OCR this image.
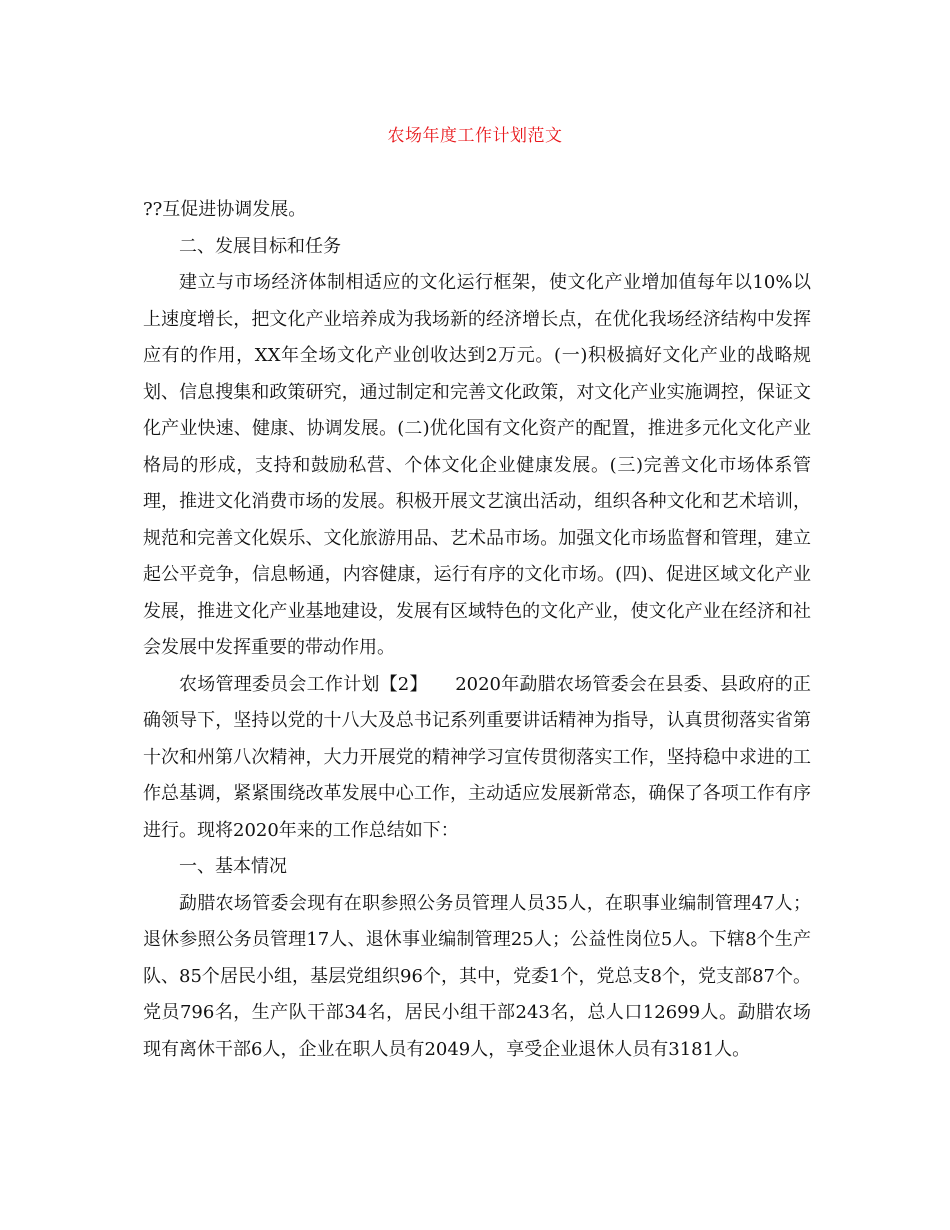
农场年度工作计划范文

??互促进协调发展。

二、发展目标和任务

建立与市场经济体制相适应的文化运行框架，使文化产业增加值每年以10%以上速度增长，把文化产业培养成为我场新的经济增长点，在优化我场经济结构中发挥应有的作用，XX年全场文化产业创收达到2万元。(一)积极搞好文化产业的战略规划、信息搜集和政策研究，通过制定和完善文化政策，对文化产业实施调控，保证文化产业快速、健康、协调发展。(二)优化国有文化资产的配置，推进多元化文化产业格局的形成，支持和鼓励私营、个体文化企业健康发展。(三)完善文化市场体系管理，推进文化消费市场的发展。积极开展文艺演出活动，组织各种文化和艺术培训，规范和完善文化娱乐、文化旅游用品、艺术品市场。加强文化市场监督和管理，建立起公平竞争，信息畅通，内容健康，运行有序的文化市场。(四)、促进区域文化产业发展，推进文化产业基地建设，发展有区域特色的文化产业，使文化产业在经济和社会发展中发挥重要的带动作用。

农场管理委员会工作计划【2】　　2020年勐腊农场管委会在县委、县政府的正确领导下，坚持以党的十八大及总书记系列重要讲话精神为指导，认真贯彻落实省第十次和州第八次精神，大力开展党的精神学习宣传贯彻落实工作，坚持稳中求进的工作总基调，紧紧围绕改革发展中心工作，主动适应发展新常态，确保了各项工作有序进行。现将2020年来的工作总结如下：

一、基本情况

勐腊农场管委会现有在职参照公务员管理人员35人，在职事业编制管理47人；退休参照公务员管理17人、退休事业编制管理25人；公益性岗位5人。下辖8个生产队、85个居民小组，基层党组织96个，其中，党委1个，党总支8个，党支部87个。党员796名，生产队干部34名，居民小组干部243名，总人口12699人。勐腊农场现有离休干部6人，企业在职人员有2049人，享受企业退休人员有3181人。
